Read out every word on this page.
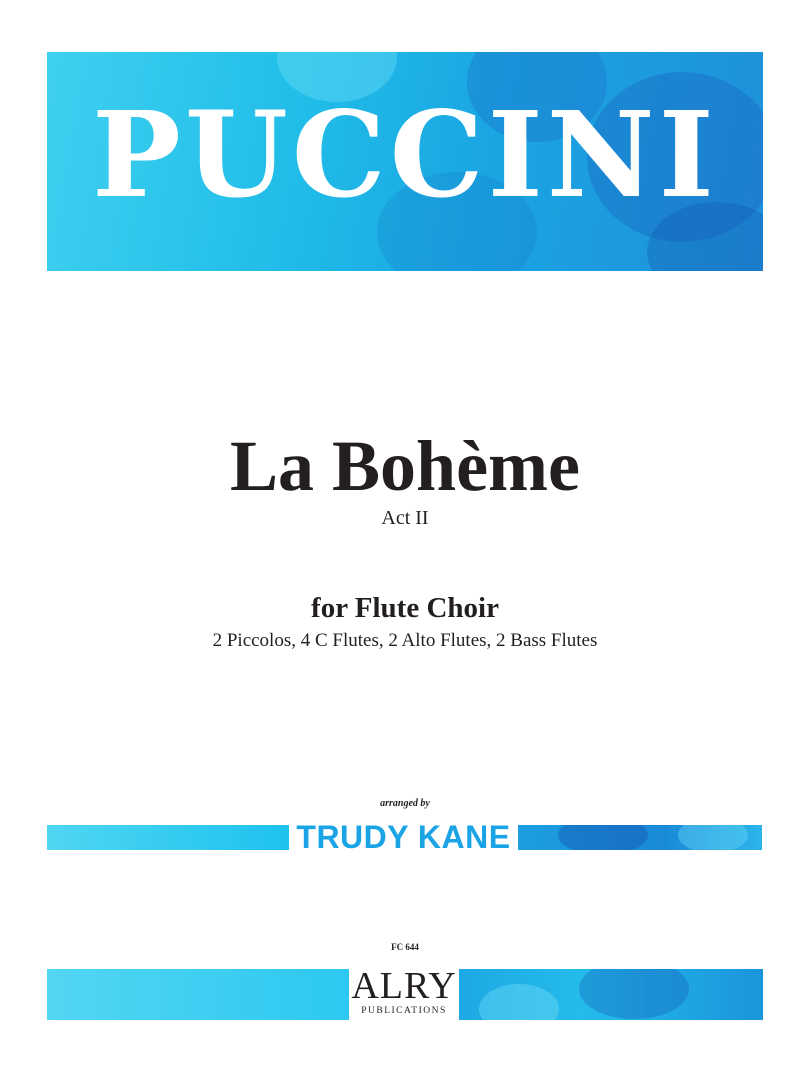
PUCCINI
La Bohème
Act II
for Flute Choir
2 Piccolos, 4 C Flutes, 2 Alto Flutes, 2 Bass Flutes
arranged by
TRUDY KANE
FC 644
ALRY
PUBLICATIONS
